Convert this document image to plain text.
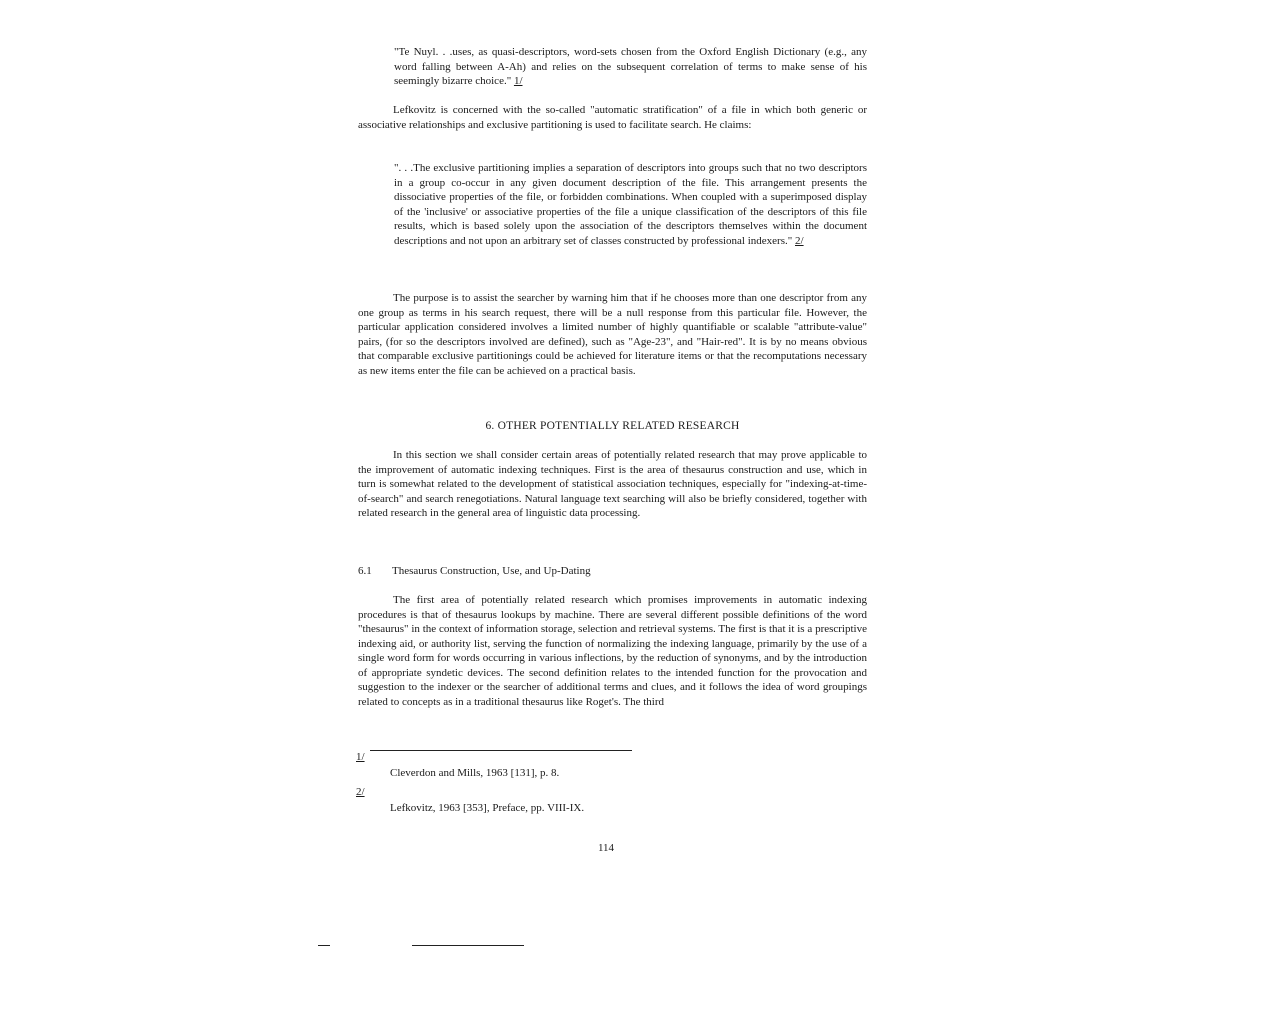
"Te Nuyl. . .uses, as quasi-descriptors, word-sets chosen from the Oxford English Dictionary (e.g., any word falling between A-Ah) and relies on the subsequent correlation of terms to make sense of his seemingly bizarre choice." 1/

Lefkovitz is concerned with the so-called "automatic stratification" of a file in which both generic or associative relationships and exclusive partitioning is used to facilitate search. He claims:

". . .The exclusive partitioning implies a separation of descriptors into groups such that no two descriptors in a group co-occur in any given document description of the file. This arrangement presents the dissociative properties of the file, or forbidden combinations. When coupled with a superimposed display of the 'inclusive' or associative properties of the file a unique classification of the descriptors of this file results, which is based solely upon the association of the descriptors themselves within the document descriptions and not upon an arbitrary set of classes constructed by professional indexers." 2/

The purpose is to assist the searcher by warning him that if he chooses more than one descriptor from any one group as terms in his search request, there will be a null response from this particular file. However, the particular application considered involves a limited number of highly quantifiable or scalable "attribute-value" pairs, (for so the descriptors involved are defined), such as "Age-23", and "Hair-red". It is by no means obvious that comparable exclusive partitionings could be achieved for literature items or that the recomputations necessary as new items enter the file can be achieved on a practical basis.

6. OTHER POTENTIALLY RELATED RESEARCH

In this section we shall consider certain areas of potentially related research that may prove applicable to the improvement of automatic indexing techniques. First is the area of thesaurus construction and use, which in turn is somewhat related to the development of statistical association techniques, especially for "indexing-at-time-of-search" and search renegotiations. Natural language text searching will also be briefly considered, together with related research in the general area of linguistic data processing.

6.1 Thesaurus Construction, Use, and Up-Dating

The first area of potentially related research which promises improvements in automatic indexing procedures is that of thesaurus lookups by machine. There are several different possible definitions of the word "thesaurus" in the context of information storage, selection and retrieval systems. The first is that it is a prescriptive indexing aid, or authority list, serving the function of normalizing the indexing language, primarily by the use of a single word form for words occurring in various inflections, by the reduction of synonyms, and by the introduction of appropriate syndetic devices. The second definition relates to the intended function for the provocation and suggestion to the indexer or the searcher of additional terms and clues, and it follows the idea of word groupings related to concepts as in a traditional thesaurus like Roget's. The third

1/
Cleverdon and Mills, 1963 [131], p. 8.
2/
Lefkovitz, 1963 [353], Preface, pp. VIII-IX.

114
